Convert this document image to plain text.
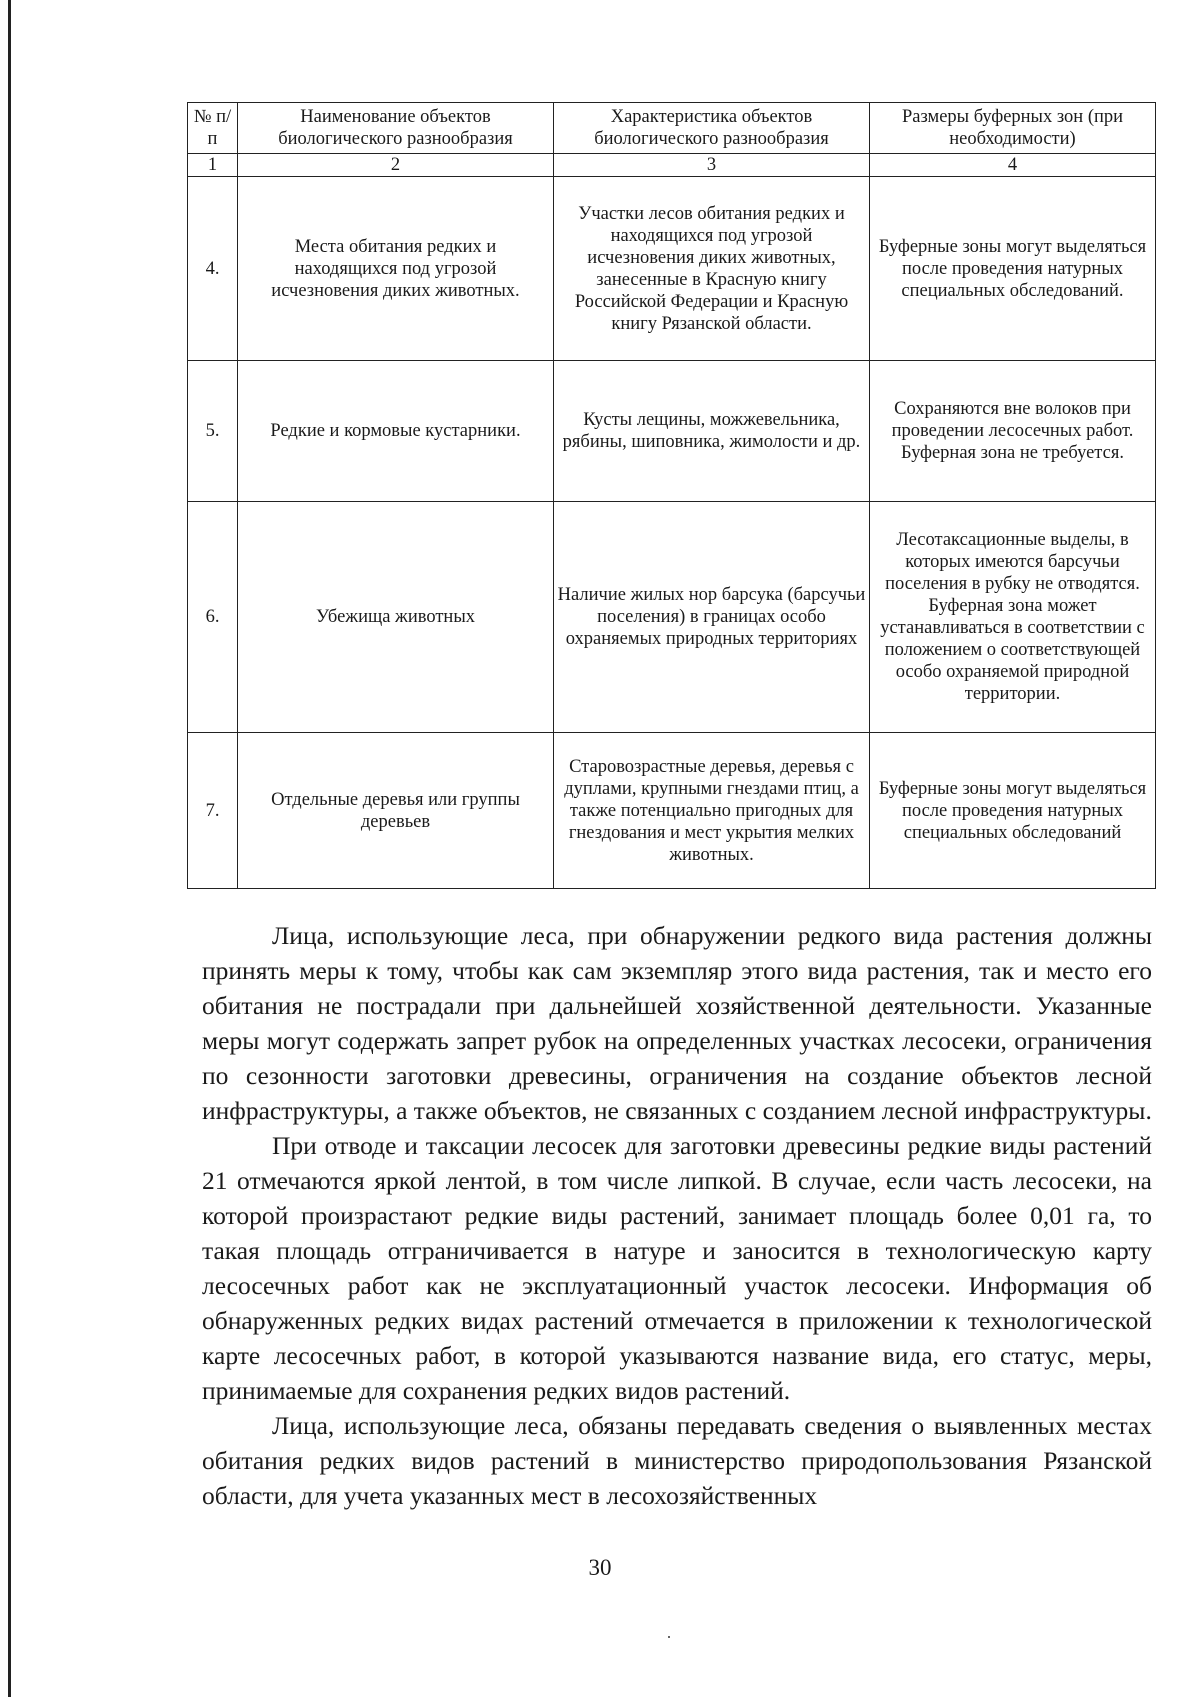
№ п/п	Наименование объектов биологического разнообразия	Характеристика объектов биологического разнообразия	Размеры буферных зон (при необходимости)
1	2	3	4
4.	Места обитания редких и находящихся под угрозой исчезновения диких животных.	Участки лесов обитания редких и находящихся под угрозой исчезновения диких животных, занесенные в Красную книгу Российской Федерации и Красную книгу Рязанской области.	Буферные зоны могут выделяться после проведения натурных специальных обследований.
5.	Редкие и кормовые кустарники.	Кусты лещины, можжевельника, рябины, шиповника, жимолости и др.	Сохраняются вне волоков при проведении лесосечных работ. Буферная зона не требуется.
6.	Убежища животных	Наличие жилых нор барсука (барсучьи поселения) в границах особо охраняемых природных территориях	Лесотаксационные выделы, в которых имеются барсучьи поселения в рубку не отводятся. Буферная зона может устанавливаться в соответствии с положением о соответствующей особо охраняемой природной территории.
7.	Отдельные деревья или группы деревьев	Старовозрастные деревья, деревья с дуплами, крупными гнездами птиц, а также потенциально пригодных для гнездования и мест укрытия мелких животных.	Буферные зоны могут выделяться после проведения натурных специальных обследований

Лица, использующие леса, при обнаружении редкого вида растения должны принять меры к тому, чтобы как сам экземпляр этого вида растения, так и место его обитания не пострадали при дальнейшей хозяйственной деятельности. Указанные меры могут содержать запрет рубок на определенных участках лесосеки, ограничения по сезонности заготовки древесины, ограничения на создание объектов лесной инфраструктуры, а также объектов, не связанных с созданием лесной инфраструктуры.

При отводе и таксации лесосек для заготовки древесины редкие виды растений 21 отмечаются яркой лентой, в том числе липкой. В случае, если часть лесосеки, на которой произрастают редкие виды растений, занимает площадь более 0,01 га, то такая площадь отграничивается в натуре и заносится в технологическую карту лесосечных работ как не эксплуатационный участок лесосеки. Информация об обнаруженных редких видах растений отмечается в приложении к технологической карте лесосечных работ, в которой указываются название вида, его статус, меры, принимаемые для сохранения редких видов растений.

Лица, использующие леса, обязаны передавать сведения о выявленных местах обитания редких видов растений в министерство природопользования Рязанской области, для учета указанных мест в лесохозяйственных

30
